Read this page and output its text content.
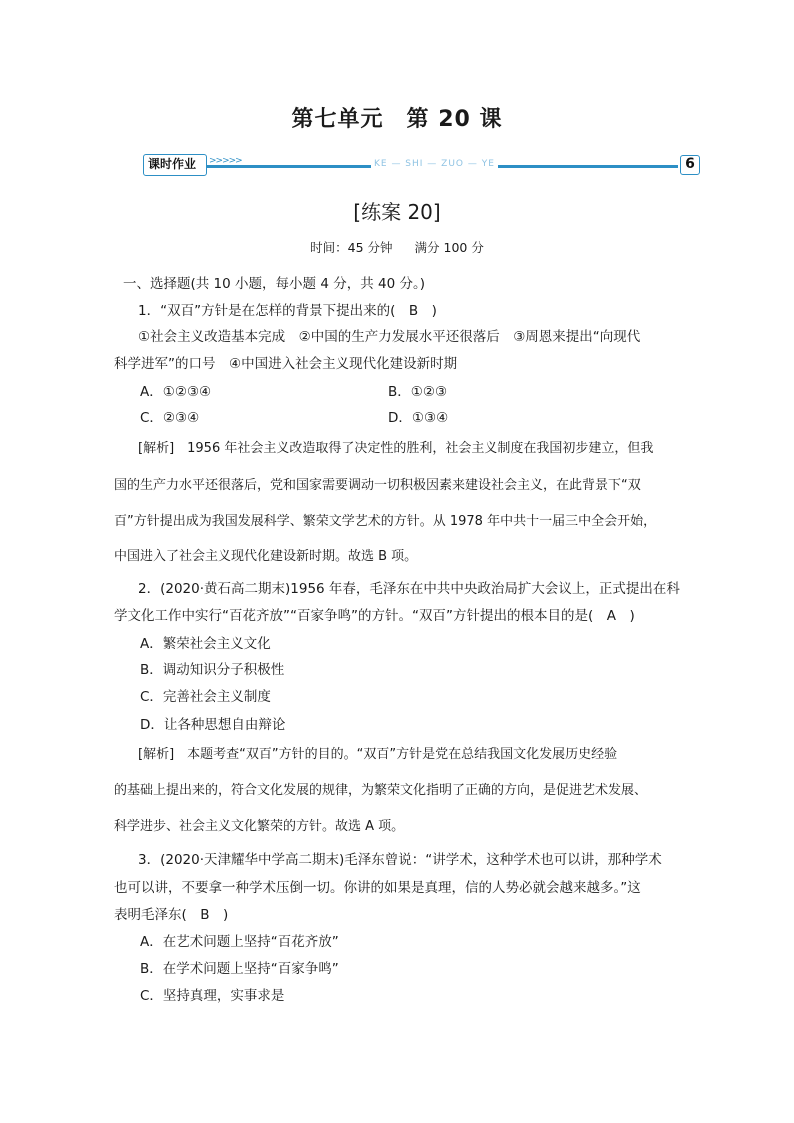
第七单元　第 20 课
课时作业	>>>>>	KE — SHI — ZUO — YE	6
[练案 20]
时间：45 分钟 满分 100 分
一、选择题(共 10 小题，每小题 4 分，共 40 分。)
1．“双百”方针是在怎样的背景下提出来的(　B　)
①社会主义改造基本完成　②中国的生产力发展水平还很落后　③周恩来提出“向现代
科学进军”的口号　④中国进入社会主义现代化建设新时期
A．①②③④	B．①②③
C．②③④	D．①③④
[解析]　1956 年社会主义改造取得了决定性的胜利，社会主义制度在我国初步建立，但我
国的生产力水平还很落后，党和国家需要调动一切积极因素来建设社会主义，在此背景下“双
百”方针提出成为我国发展科学、繁荣文学艺术的方针。从 1978 年中共十一届三中全会开始，
中国进入了社会主义现代化建设新时期。故选 B 项。
2．(2020·黄石高二期末)1956 年春，毛泽东在中共中央政治局扩大会议上，正式提出在科
学文化工作中实行“百花齐放”“百家争鸣”的方针。“双百”方针提出的根本目的是(　A　)
A．繁荣社会主义文化
B．调动知识分子积极性
C．完善社会主义制度
D．让各种思想自由辩论
[解析]　本题考查“双百”方针的目的。“双百”方针是党在总结我国文化发展历史经验
的基础上提出来的，符合文化发展的规律，为繁荣文化指明了正确的方向，是促进艺术发展、
科学进步、社会主义文化繁荣的方针。故选 A 项。
3．(2020·天津耀华中学高二期末)毛泽东曾说：“讲学术，这种学术也可以讲，那种学术
也可以讲，不要拿一种学术压倒一切。你讲的如果是真理，信的人势必就会越来越多。”这
表明毛泽东(　B　)
A．在艺术问题上坚持“百花齐放”
B．在学术问题上坚持“百家争鸣”
C．坚持真理，实事求是
